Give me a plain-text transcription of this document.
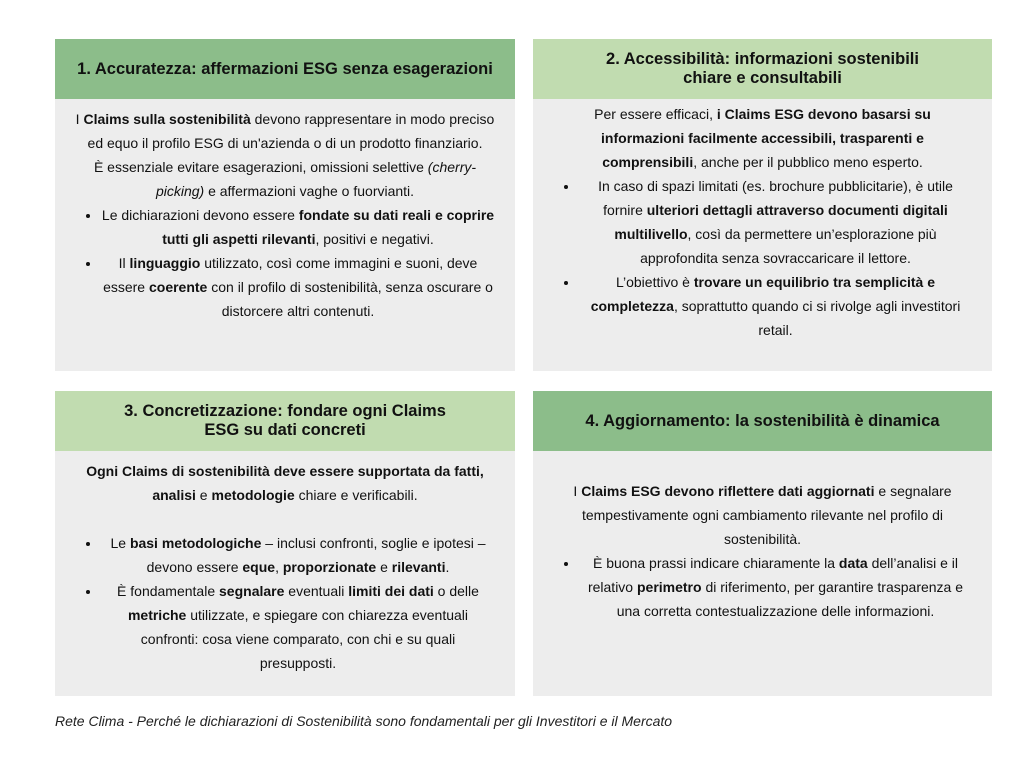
1. Accuratezza: affermazioni ESG senza esagerazioni

I Claims sulla sostenibilità devono rappresentare in modo preciso ed equo il profilo ESG di un'azienda o di un prodotto finanziario.

È essenziale evitare esagerazioni, omissioni selettive (cherry-picking) e affermazioni vaghe o fuorvianti.

• Le dichiarazioni devono essere fondate su dati reali e coprire tutti gli aspetti rilevanti, positivi e negativi.
• Il linguaggio utilizzato, così come immagini e suoni, deve essere coerente con il profilo di sostenibilità, senza oscurare o distorcere altri contenuti.
2. Accessibilità: informazioni sostenibili
chiare e consultabili

Per essere efficaci, i Claims ESG devono basarsi su informazioni facilmente accessibili, trasparenti e comprensibili, anche per il pubblico meno esperto.

• In caso di spazi limitati (es. brochure pubblicitarie), è utile fornire ulteriori dettagli attraverso documenti digitali multilivello, così da permettere un’esplorazione più approfondita senza sovraccaricare il lettore.
• L’obiettivo è trovare un equilibrio tra semplicità e completezza, soprattutto quando ci si rivolge agli investitori retail.
3. Concretizzazione: fondare ogni Claims
ESG su dati concreti

Ogni Claims di sostenibilità deve essere supportata da fatti, analisi e metodologie chiare e verificabili.

• Le basi metodologiche – inclusi confronti, soglie e ipotesi – devono essere eque, proporzionate e rilevanti.
• È fondamentale segnalare eventuali limiti dei dati o delle metriche utilizzate, e spiegare con chiarezza eventuali confronti: cosa viene comparato, con chi e su quali presupposti.
4. Aggiornamento: la sostenibilità è dinamica

I Claims ESG devono riflettere dati aggiornati e segnalare tempestivamente ogni cambiamento rilevante nel profilo di sostenibilità.

• È buona prassi indicare chiaramente la data dell’analisi e il relativo perimetro di riferimento, per garantire trasparenza e una corretta contestualizzazione delle informazioni.
Rete Clima - Perché le dichiarazioni di Sostenibilità sono fondamentali per gli Investitori e il Mercato
